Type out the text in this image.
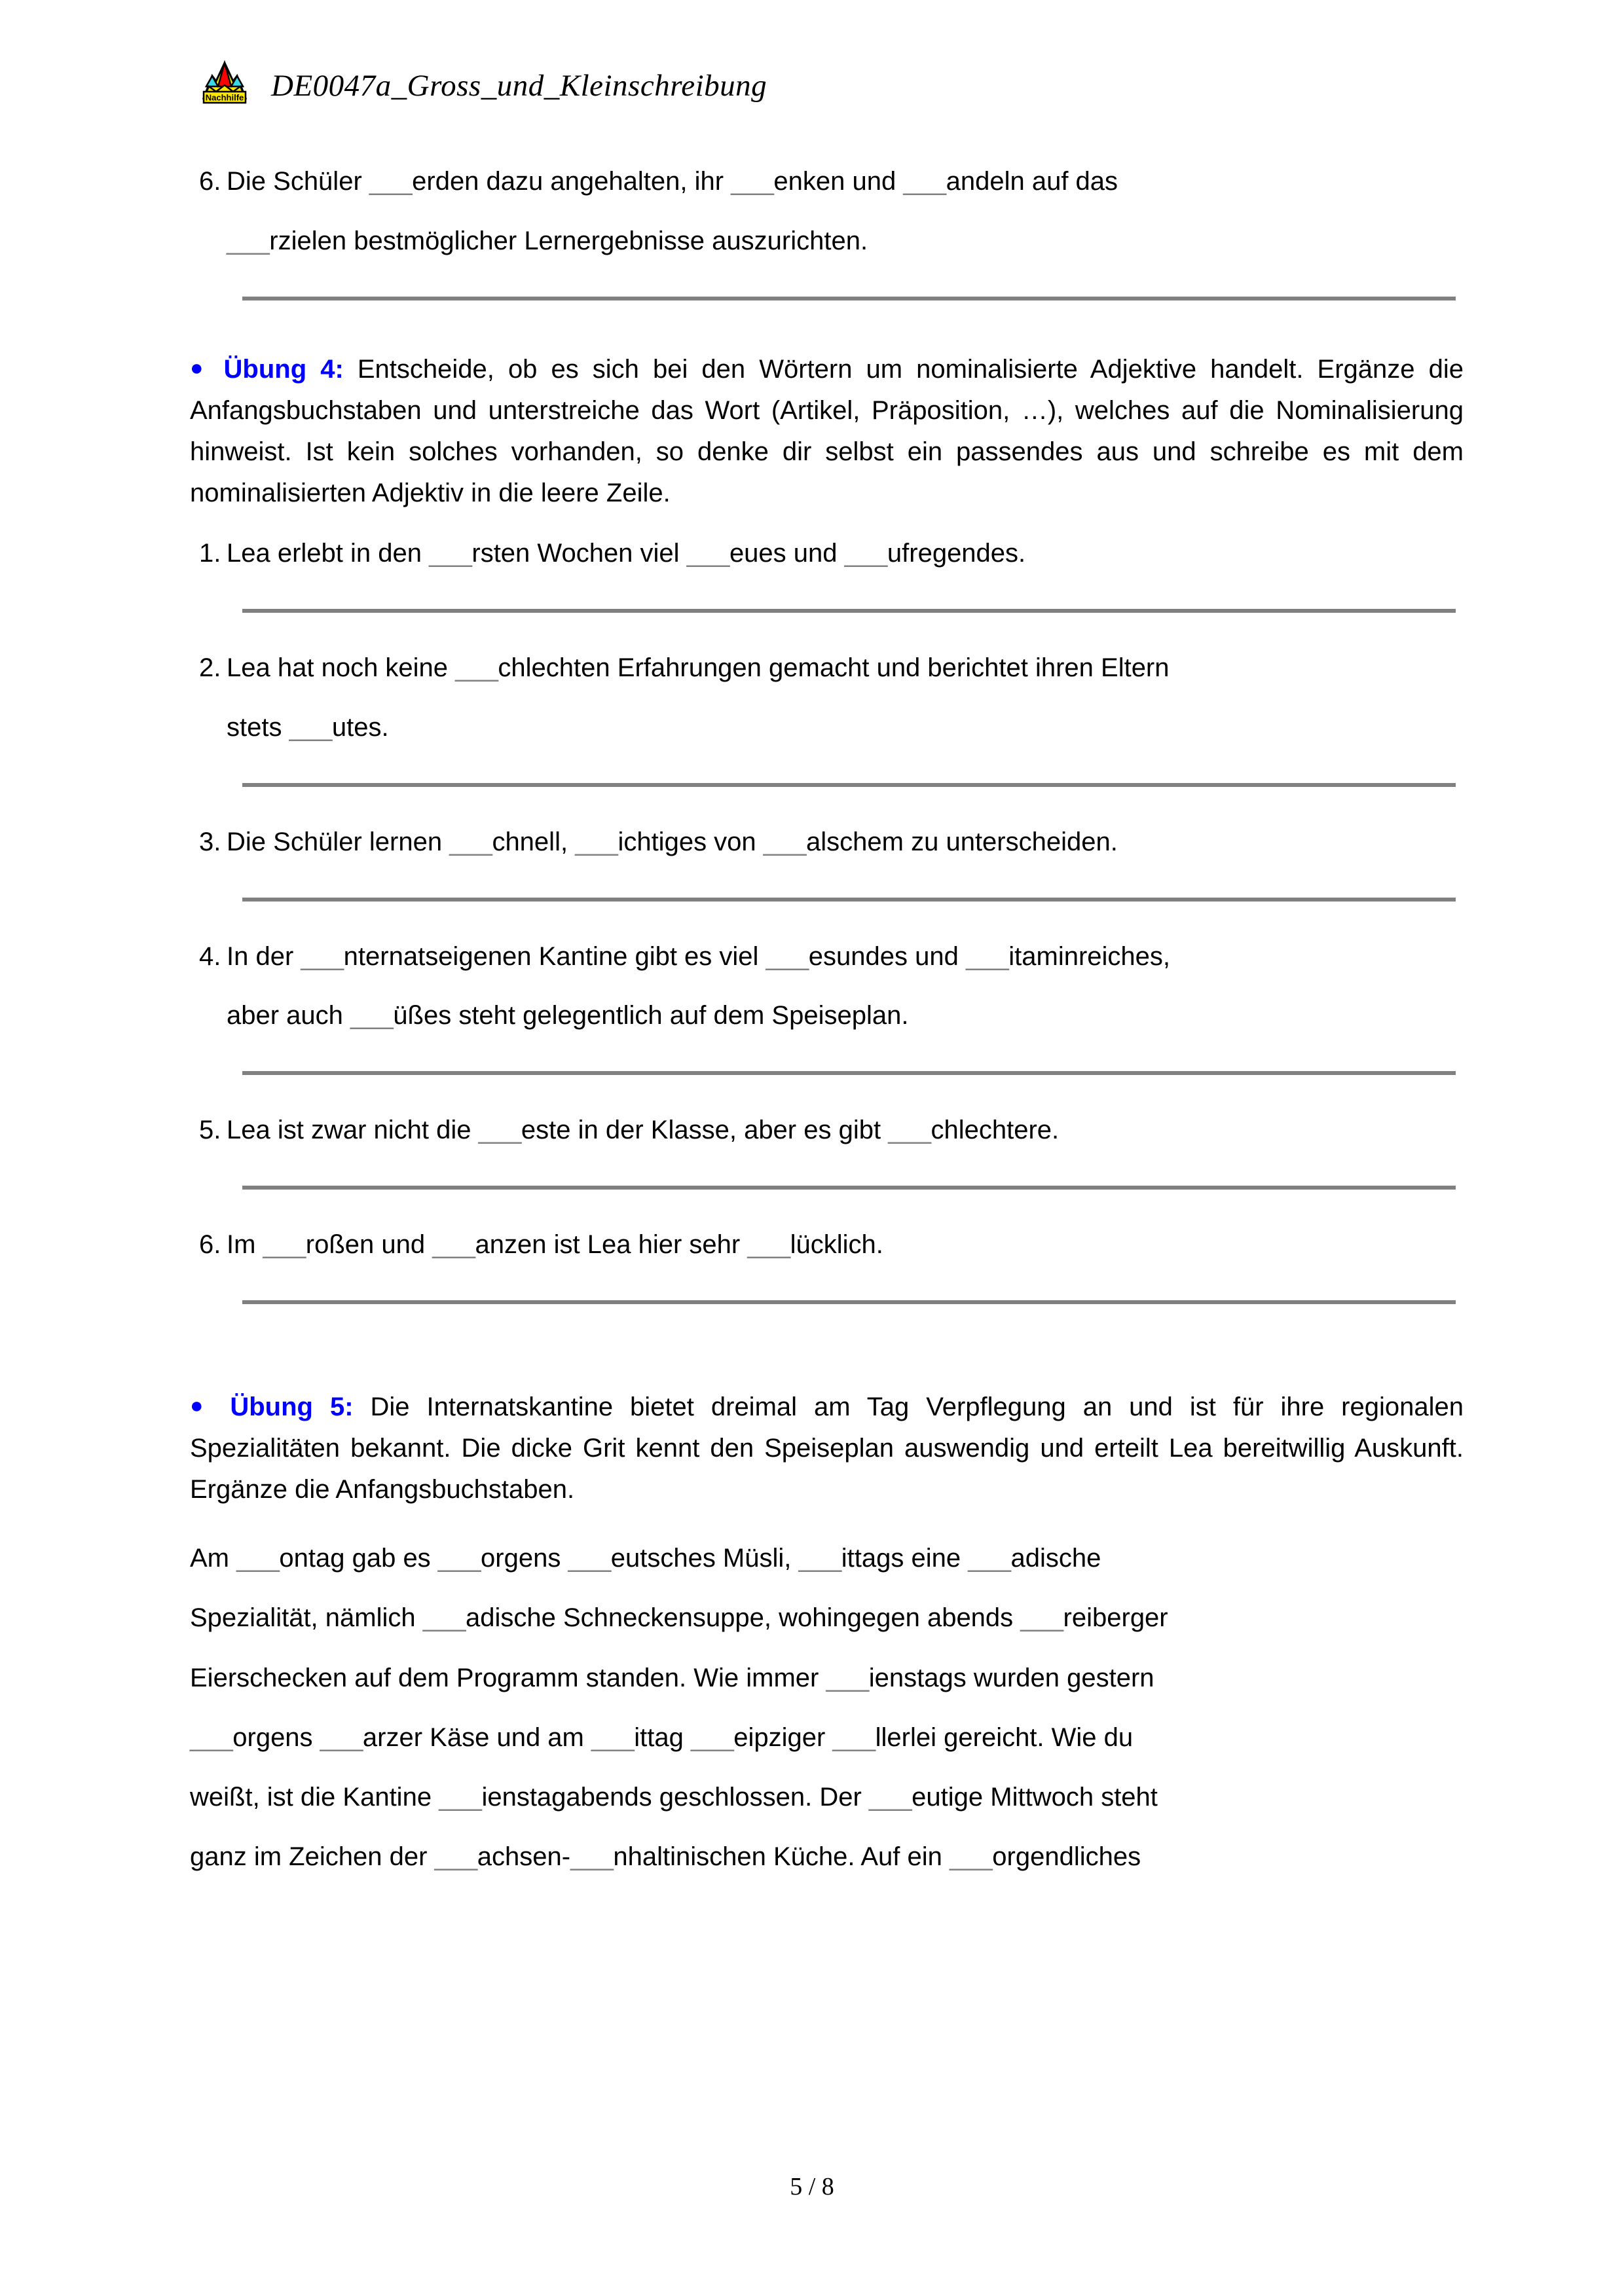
Nachhilfe DE0047a_Gross_und_Kleinschreibung
6. Die Schüler ___erden dazu angehalten, ihr ___enken und ___andeln auf das
___rzielen bestmöglicher Lernergebnisse auszurichten.

● Übung 4: Entscheide, ob es sich bei den Wörtern um nominalisierte Adjektive handelt. Ergänze die Anfangsbuchstaben und unterstreiche das Wort (Artikel, Präposition, …), welches auf die Nominalisierung hinweist. Ist kein solches vorhanden, so denke dir selbst ein passendes aus und schreibe es mit dem nominalisierten Adjektiv in die leere Zeile.

1. Lea erlebt in den ___rsten Wochen viel ___eues und ___ufregendes.
2. Lea hat noch keine ___chlechten Erfahrungen gemacht und berichtet ihren Eltern
stets ___utes.
3. Die Schüler lernen ___chnell, ___ichtiges von ___alschem zu unterscheiden.
4. In der ___nternatseigenen Kantine gibt es viel ___esundes und ___itaminreiches,
aber auch ___üßes steht gelegentlich auf dem Speiseplan.
5. Lea ist zwar nicht die ___este in der Klasse, aber es gibt ___chlechtere.
6. Im ___roßen und ___anzen ist Lea hier sehr ___lücklich.

● Übung 5: Die Internatskantine bietet dreimal am Tag Verpflegung an und ist für ihre regionalen Spezialitäten bekannt. Die dicke Grit kennt den Speiseplan auswendig und erteilt Lea bereitwillig Auskunft. Ergänze die Anfangsbuchstaben.

Am ___ontag gab es ___orgens ___eutsches Müsli, ___ittags eine ___adische

Spezialität, nämlich ___adische Schneckensuppe, wohingegen abends ___reiberger

Eierschecken auf dem Programm standen. Wie immer ___ienstags wurden gestern

___orgens ___arzer Käse und am ___ittag ___eipziger ___llerlei gereicht. Wie du

weißt, ist die Kantine ___ienstagabends geschlossen. Der ___eutige Mittwoch steht

ganz im Zeichen der ___achsen-___nhaltinischen Küche. Auf ein ___orgendliches

5 / 8
